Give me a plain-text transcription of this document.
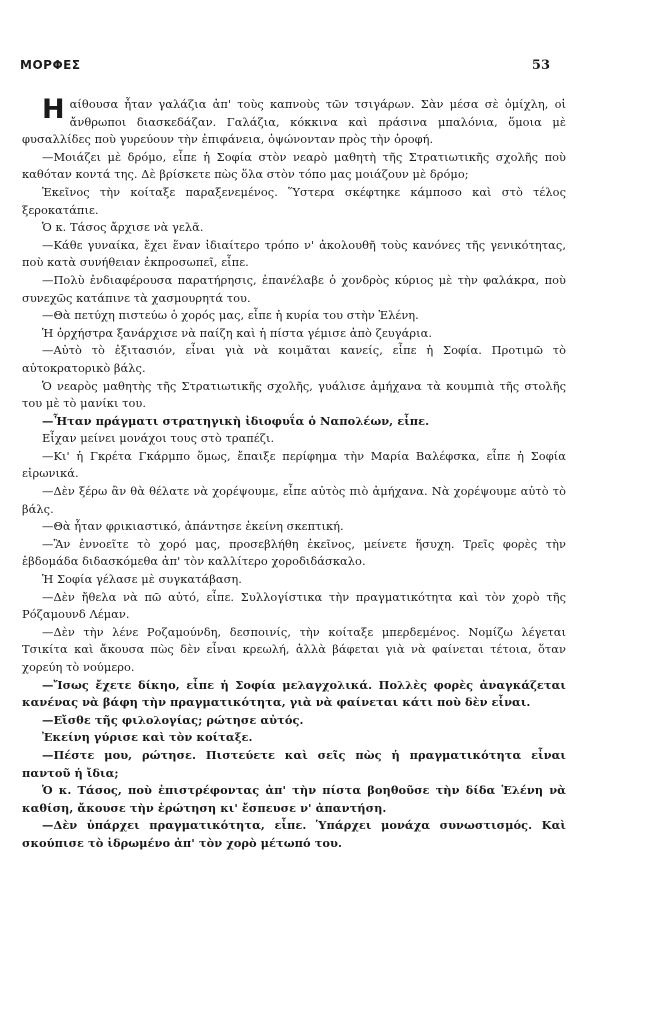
ΜΟΡΦΕΣ	53

Ηαίθουσα ἦταν γαλάζια ἀπ' τοὺς καπνοὺς τῶν τσιγάρων. Σὰν μέσα σὲ ὁμίχλη, οἱ ἄνθρωποι διασκεδάζαν. Γαλάζια, κόκκινα καὶ πράσινα μπαλόνια, ὅμοια μὲ φυσαλλίδες ποὺ γυρεύουν τὴν ἐπιφάνεια, ὀψώνονταν πρὸς τὴν ὀροφή.

—Μοιάζει μὲ δρόμο, εἶπε ἡ Σοφία στὸν νεαρὸ μαθητὴ τῆς Στρατιωτικῆς σχολῆς ποὺ καθόταν κοντά της. Δὲ βρίσκετε πὼς ὅλα στὸν τόπο μας μοιάζουν μὲ δρόμο;

Ἐκεῖνος τὴν κοίταξε παραξενεμένος. Ὕστερα σκέφτηκε κάμποσο καὶ στὸ τέλος ξεροκατάπιε.

Ὁ κ. Τάσος ἄρχισε νὰ γελᾶ.

—Κάθε γυναίκα, ἔχει ἕναν ἰδιαίτερο τρόπο ν' ἀκολουθῆ τοὺς κανόνες τῆς γενικότητας, ποὺ κατὰ συνήθειαν ἐκπροσωπεῖ, εἶπε.

—Πολὺ ἐνδιαφέρουσα παρατήρησις, ἐπανέλαβε ὁ χονδρὸς κύριος μὲ τὴν φαλάκρα, ποὺ συνεχῶς κατάπινε τὰ χασμουρητά του.

—Θὰ πετύχη πιστεύω ὁ χορός μας, εἶπε ἡ κυρία του στὴν Ἑλένη.

Ἡ ὀρχήστρα ξανάρχισε νὰ παίζη καὶ ἡ πίστα γέμισε ἀπὸ ζευγάρια.

—Αὐτὸ τὸ ἐξιτασιόν, εἶναι γιὰ νὰ κοιμᾶται κανείς, εἶπε ἡ Σοφία. Προτιμῶ τὸ αὐτοκρατορικὸ βάλς.

Ὁ νεαρὸς μαθητὴς τῆς Στρατιωτικῆς σχολῆς, γυάλισε ἀμήχανα τὰ κουμπιὰ τῆς στολῆς του μὲ τὸ μανίκι του.

—Ἦταν πράγματι στρατηγικὴ ἰδιοφυΐα ὁ Ναπολέων, εἶπε.

Εἶχαν μείνει μονάχοι τους στὸ τραπέζι.

—Κι' ἡ Γκρέτα Γκάρμπο ὅμως, ἔπαιξε περίφημα τὴν Μαρία Βαλέφσκα, εἶπε ἡ Σοφία εἰρωνικά.

—Δὲν ξέρω ἂν θὰ θέλατε νὰ χορέψουμε, εἶπε αὐτὸς πιὸ ἀμήχανα. Νὰ χορέψουμε αὐτὸ τὸ βάλς.

—Θὰ ἦταν φρικιαστικό, ἀπάντησε ἐκείνη σκεπτική.

—Ἂν ἐννοεῖτε τὸ χορό μας, προσεβλήθη ἐκεῖνος, μείνετε ἥσυχη. Τρεῖς φορὲς τὴν ἑβδομάδα διδασκόμεθα ἀπ' τὸν καλλίτερο χοροδιδάσκαλο.

Ἡ Σοφία γέλασε μὲ συγκατάβαση.

—Δὲν ἤθελα νὰ πῶ αὐτό, εἶπε. Συλλογίστικα τὴν πραγματικότητα καὶ τὸν χορὸ τῆς Ρόζαμουνδ Λέμαν.

—Δὲν τὴν λένε Ροζαμούνδη, δεσποινίς, τὴν κοίταξε μπερδεμένος. Νομίζω λέγεται Τσικίτα καὶ ἄκουσα πὼς δὲν εἶναι κρεωλή, ἀλλὰ βάφεται γιὰ νὰ φαίνεται τέτοια, ὅταν χορεύη τὸ νούμερο.

—Ἴσως ἔχετε δίκηο, εἶπε ἡ Σοφία μελαγχολικά. Πολλὲς φορὲς ἀναγκάζεται κανένας νὰ βάφη τὴν πραγματικότητα, γιὰ νὰ φαίνεται κάτι ποὺ δὲν εἶναι.

—Εἴσθε τῆς φιλολογίας; ρώτησε αὐτός.

Ἐκείνη γύρισε καὶ τὸν κοίταξε.

—Πέστε μου, ρώτησε. Πιστεύετε καὶ σεῖς πὼς ἡ πραγματικότητα εἶναι παντοῦ ἡ ἴδια;

Ὁ κ. Τάσος, ποὺ ἐπιστρέφοντας ἀπ' τὴν πίστα βοηθοῦσε τὴν δίδα Ἑλένη νὰ καθίση, ἄκουσε τὴν ἐρώτηση κι' ἔσπευσε ν' ἀπαντήση.

—Δὲν ὑπάρχει πραγματικότητα, εἶπε. Ὑπάρχει μονάχα συνωστισμός. Καὶ σκούπισε τὸ ἱδρωμένο ἀπ' τὸν χορὸ μέτωπό του.
